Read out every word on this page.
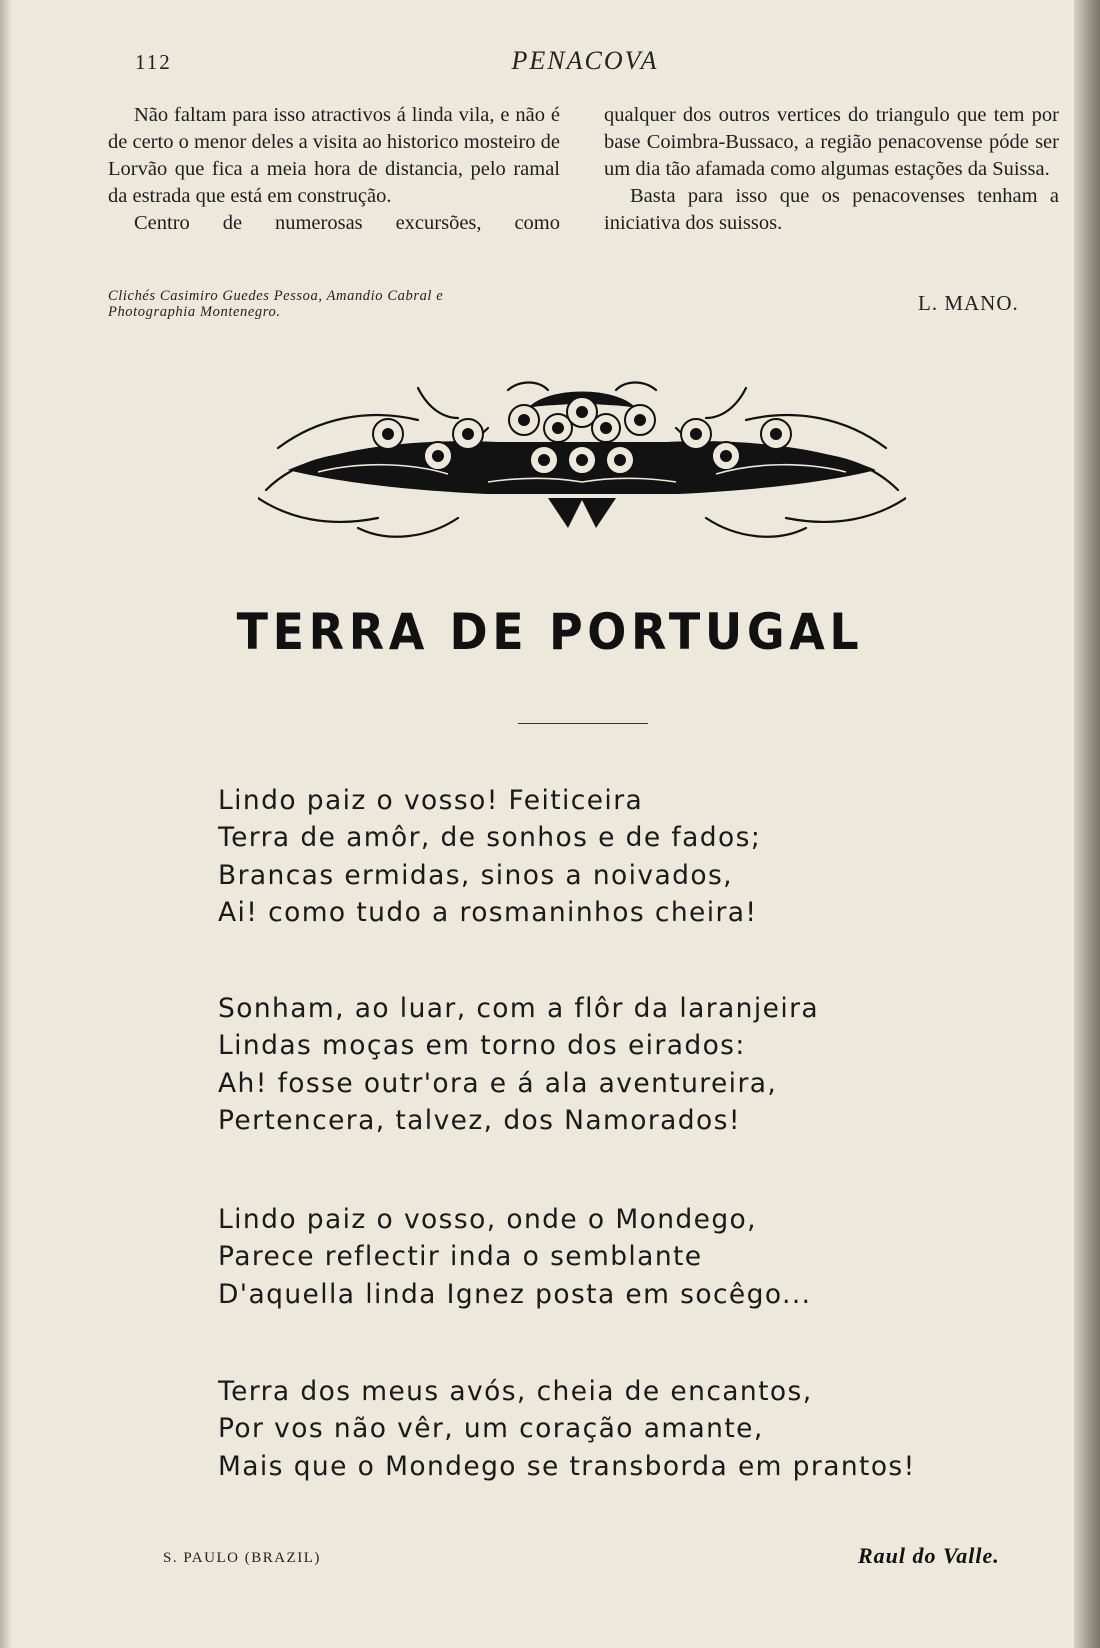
112	PENACOVA

Não faltam para isso atractivos á linda vila, e não é de certo o menor deles a visita ao historico mosteiro de Lorvão que fica a meia hora de distancia, pelo ramal da estrada que está em construção.

Centro de numerosas excursões, como

qualquer dos outros vertices do triangulo que tem por base Coimbra-Bussaco, a região penacovense póde ser um dia tão afamada como algumas estações da Suissa.

Basta para isso que os penacovenses tenham a iniciativa dos suissos.

Clichés Casimiro Guedes Pessoa, Amandio Cabral e
Photographia Montenegro.	L. MANO.
TERRA DE PORTUGAL
Lindo paiz o vosso! Feiticeira
Terra de amôr, de sonhos e de fados;
Brancas ermidas, sinos a noivados,
Ai! como tudo a rosmaninhos cheira!
Sonham, ao luar, com a flôr da laranjeira
Lindas moças em torno dos eirados:
Ah! fosse outr'ora e á ala aventureira,
Pertencera, talvez, dos Namorados!
Lindo paiz o vosso, onde o Mondego,
Parece reflectir inda o semblante
D'aquella linda Ignez posta em socêgo...
Terra dos meus avós, cheia de encantos,
Por vos não vêr, um coração amante,
Mais que o Mondego se transborda em prantos!
S. PAULO (BRAZIL)	Raul do Valle.
